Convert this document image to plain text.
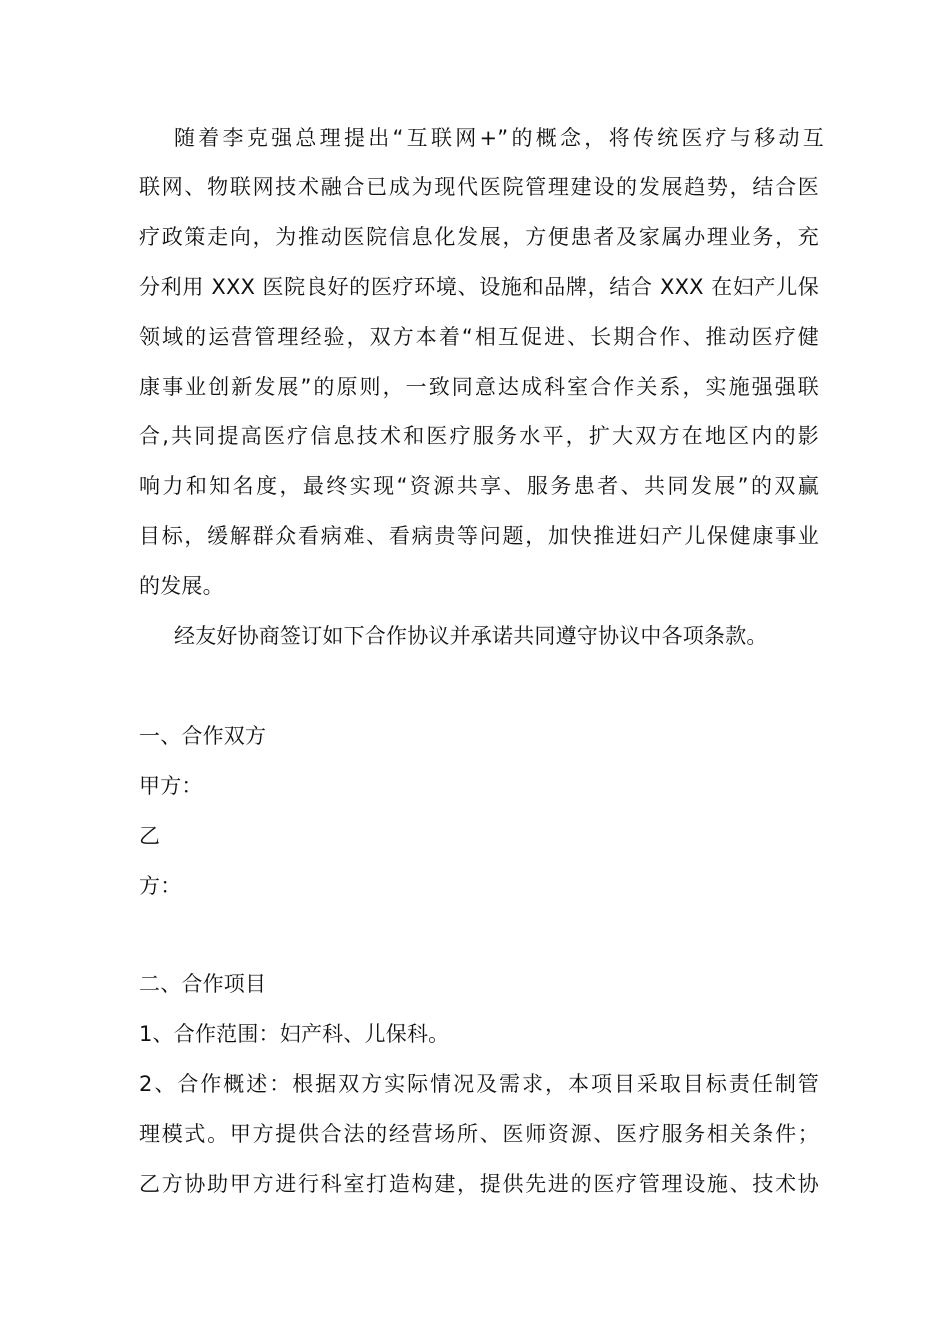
随着李克强总理提出“互联网+”的概念，将传统医疗与移动互
联网、物联网技术融合已成为现代医院管理建设的发展趋势，结合医
疗政策走向，为推动医院信息化发展，方便患者及家属办理业务，充
分利用 XXX 医院良好的医疗环境、设施和品牌，结合 XXX 在妇产儿保
领域的运营管理经验，双方本着“相互促进、长期合作、推动医疗健
康事业创新发展”的原则，一致同意达成科室合作关系，实施强强联
合,共同提高医疗信息技术和医疗服务水平，扩大双方在地区内的影
响力和知名度，最终实现“资源共享、服务患者、共同发展”的双赢
目标，缓解群众看病难、看病贵等问题，加快推进妇产儿保健康事业
的发展。
经友好协商签订如下合作协议并承诺共同遵守协议中各项条款。
一、合作双方
甲方：
乙
方：
二、合作项目
1、合作范围：妇产科、儿保科。
2、合作概述：根据双方实际情况及需求，本项目采取目标责任制管
理模式。甲方提供合法的经营场所、医师资源、医疗服务相关条件；
乙方协助甲方进行科室打造构建，提供先进的医疗管理设施、技术协
